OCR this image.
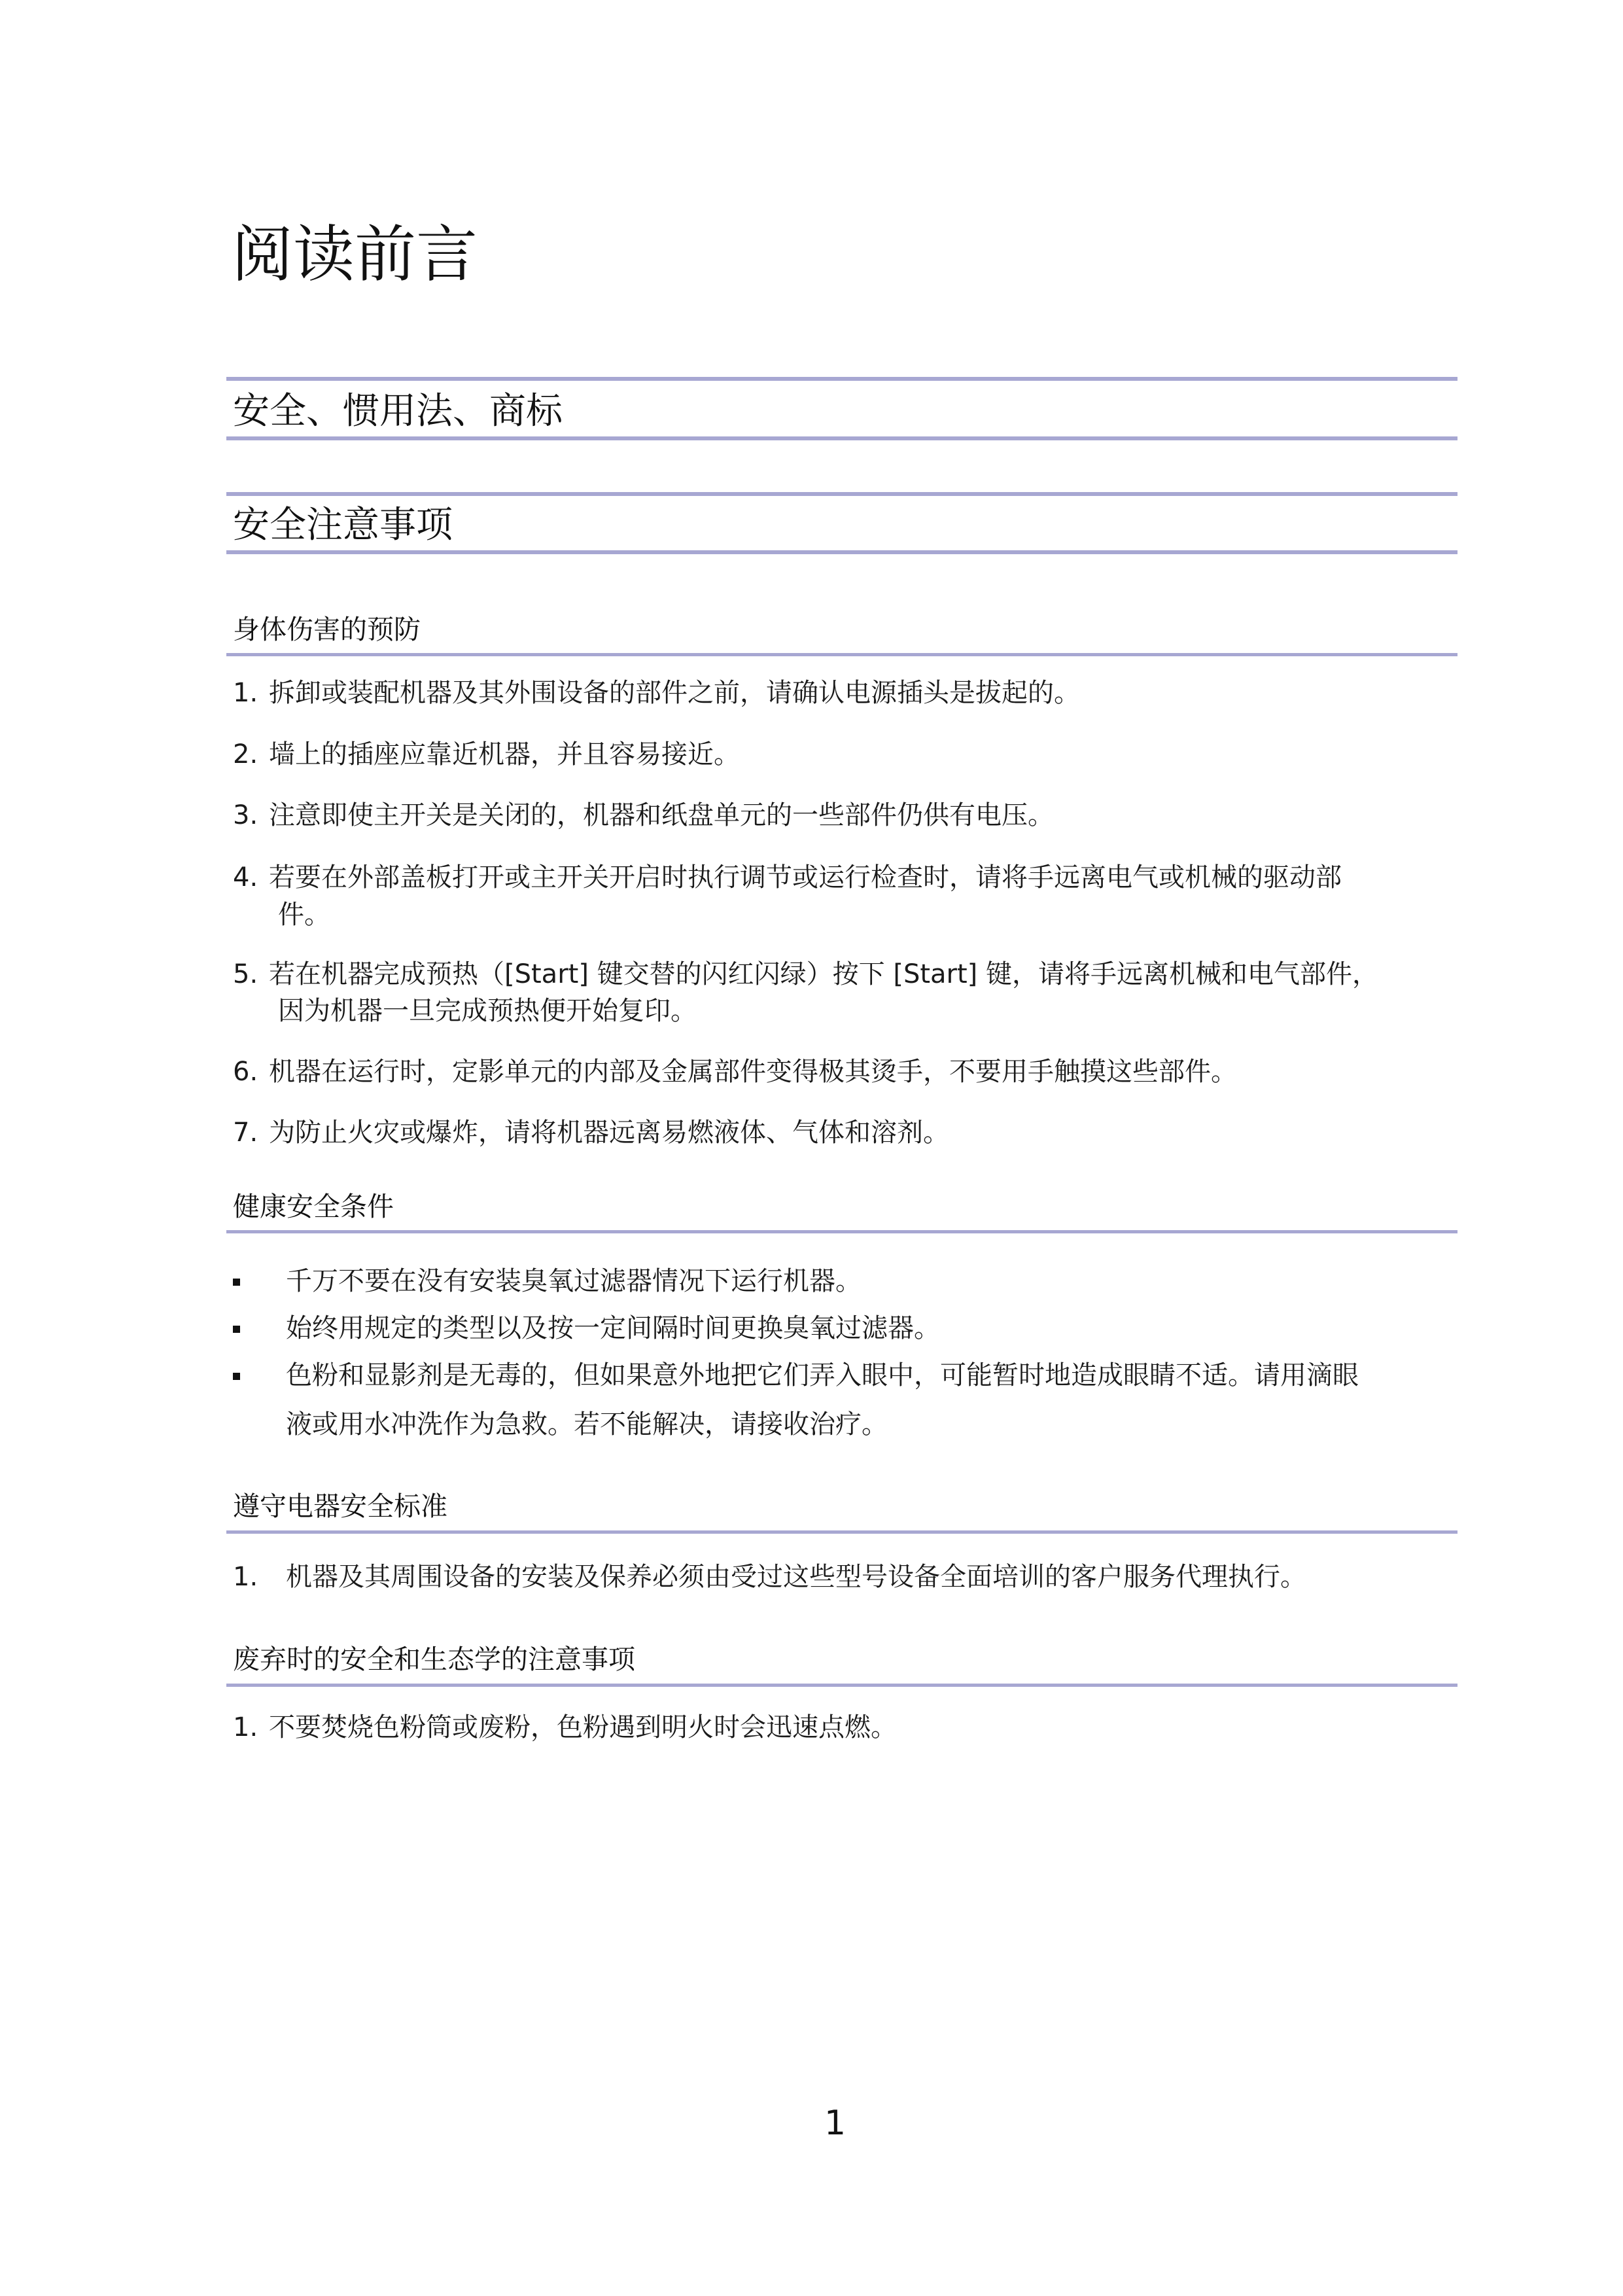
阅读前言
安全、惯用法、商标
安全注意事项
身体伤害的预防
1. 拆卸或装配机器及其外围设备的部件之前，请确认电源插头是拔起的。

2. 墙上的插座应靠近机器，并且容易接近。

3. 注意即使主开关是关闭的，机器和纸盘单元的一些部件仍供有电压。

4. 若要在外部盖板打开或主开关开启时执行调节或运行检查时，请将手远离电气或机械的驱动部

件。

5. 若在机器完成预热（[Start] 键交替的闪红闪绿）按下 [Start] 键，请将手远离机械和电气部件，

因为机器一旦完成预热便开始复印。

6. 机器在运行时，定影单元的内部及金属部件变得极其烫手，不要用手触摸这些部件。

7. 为防止火灾或爆炸，请将机器远离易燃液体、气体和溶剂。

健康安全条件

千万不要在没有安装臭氧过滤器情况下运行机器。

始终用规定的类型以及按一定间隔时间更换臭氧过滤器。

色粉和显影剂是无毒的，但如果意外地把它们弄入眼中，可能暂时地造成眼睛不适。请用滴眼

液或用水冲洗作为急救。若不能解决，请接收治疗。

遵守电器安全标准
1. 机器及其周围设备的安装及保养必须由受过这些型号设备全面培训的客户服务代理执行。

废弃时的安全和生态学的注意事项
1. 不要焚烧色粉筒或废粉，色粉遇到明火时会迅速点燃。

1
